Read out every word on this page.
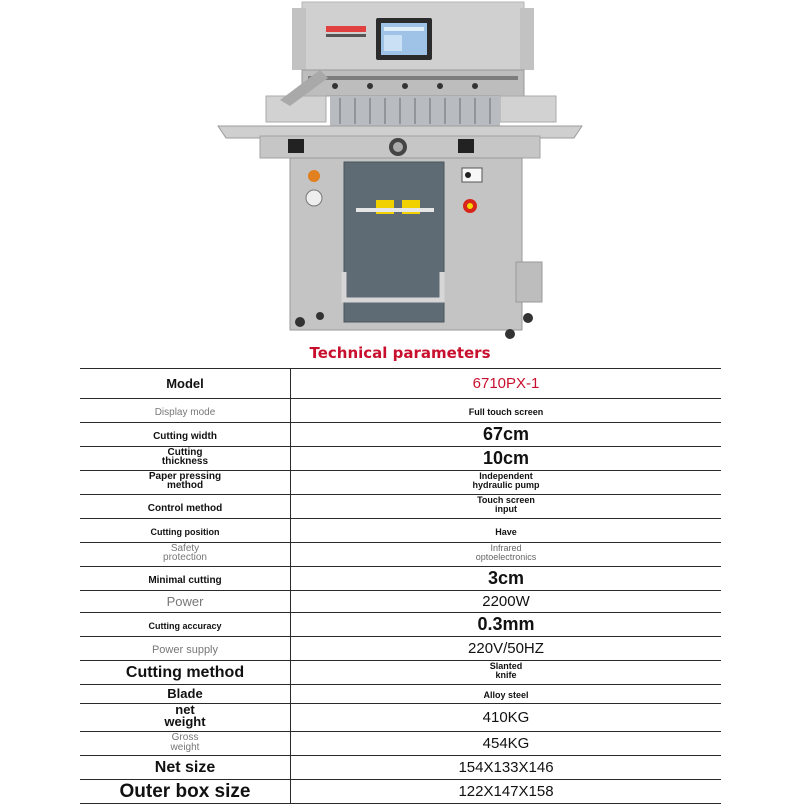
Technical parameters
Model	6710PX-1
Display mode	Full touch screen
Cutting width	67cm
Cutting thickness	10cm
Paper pressing method	Independent hydraulic pump
Control method	Touch screen input
Cutting position	Have
Safety protection	Infrared optoelectronics
Minimal cutting	3cm
Power	2200W
Cutting accuracy	0.3mm
Power supply	220V/50HZ
Cutting method	Slanted knife
Blade	Alloy steel
net weight	410KG
Gross weight	454KG
Net size	154X133X146
Outer box size	122X147X158
